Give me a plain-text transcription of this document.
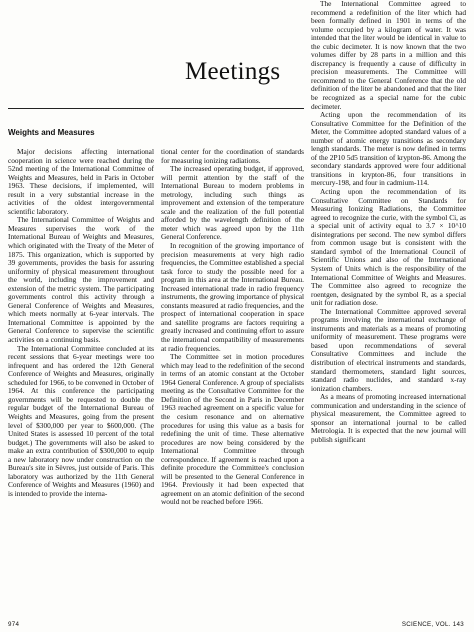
Meetings
Weights and Measures

Major decisions affecting international cooperation in science were reached during the 52nd meeting of the International Committee of Weights and Measures, held in Paris in October 1963. These decisions, if implemented, will result in a very substantial increase in the activities of the oldest intergovernmental scientific laboratory.

The International Committee of Weights and Measures supervises the work of the International Bureau of Weights and Measures, which originated with the Treaty of the Meter of 1875. This organization, which is supported by 39 governments, provides the basis for assuring uniformity of physical measurement throughout the world, including the improvement and extension of the metric system. The participating governments control this activity through a General Conference of Weights and Measures, which meets normally at 6-year intervals. The International Committee is appointed by the General Conference to supervise the scientific activities on a continuing basis.

The International Committee concluded at its recent sessions that 6-year meetings were too infrequent and has ordered the 12th General Conference of Weights and Measures, originally scheduled for 1966, to be convened in October of 1964. At this conference the participating governments will be requested to double the regular budget of the International Bureau of Weights and Measures, going from the present level of $300,000 per year to $600,000. (The United States is assessed 10 percent of the total budget.) The governments will also be asked to make an extra contribution of $300,000 to equip a new laboratory now under construction on the Bureau's site in Sèvres, just outside of Paris. This laboratory was authorized by the 11th General Conference of Weights and Measures (1960) and is intended to provide the interna-

tional center for the coordination of standards for measuring ionizing radiations.

The increased operating budget, if approved, will permit attention by the staff of the International Bureau to modern problems in metrology, including such things as improvement and extension of the temperature scale and the realization of the full potential afforded by the wavelength definition of the meter which was agreed upon by the 11th General Conference.

In recognition of the growing importance of precision measurements at very high radio frequencies, the Committee established a special task force to study the possible need for a program in this area at the International Bureau. Increased international trade in radio frequency instruments, the growing importance of physical constants measured at radio frequencies, and the prospect of international cooperation in space and satellite programs are factors requiring a greatly increased and continuing effort to assure the international compatibility of measurements at radio frequencies.

The Committee set in motion procedures which may lead to the redefinition of the second in terms of an atomic constant at the October 1964 General Conference. A group of specialists meeting as the Consultative Committee for the Definition of the Second in Paris in December 1963 reached agreement on a specific value for the cesium resonance and on alternative procedures for using this value as a basis for redefining the unit of time. These alternative procedures are now being considered by the International Committee through correspondence. If agreement is reached upon a definite procedure the Committee's conclusion will be presented to the General Conference in 1964. Previously it had been expected that agreement on an atomic definition of the second would not be reached before 1966.

The International Committee agreed to recommend a redefinition of the liter which had been formally defined in 1901 in terms of the volume occupied by a kilogram of water. It was intended that the liter would be identical in value to the cubic decimeter. It is now known that the two volumes differ by 28 parts in a million and this discrepancy is frequently a cause of difficulty in precision measurements. The Committee will recommend to the General Conference that the old definition of the liter be abandoned and that the liter be recognized as a special name for the cubic decimeter.

Acting upon the recommendation of its Consultative Committee for the Definition of the Meter, the Committee adopted standard values of a number of atomic energy transitions as secondary length standards. The meter is now defined in terms of the 2P10 5d5 transition of krypton-86. Among the secondary standards approved were four additional transitions in krypton-86, four transitions in mercury-198, and four in cadmium-114.

Acting upon the recommendation of its Consultative Committee on Standards for Measuring Ionizing Radiations, the Committee agreed to recognize the curie, with the symbol Ci, as a special unit of activity equal to 3.7 × 10^10 disintegrations per second. The new symbol differs from common usage but is consistent with the standard symbol of the International Council of Scientific Unions and also of the International System of Units which is the responsibility of the International Committee of Weights and Measures. The Committee also agreed to recognize the roentgen, designated by the symbol R, as a special unit for radiation dose.

The International Committee approved several programs involving the international exchange of instruments and materials as a means of promoting uniformity of measurement. These programs were based upon recommendations of several Consultative Committees and include the distribution of electrical instruments and standards, standard thermometers, standard light sources, standard radio nuclides, and standard x-ray ionization chambers.

As a means of promoting increased international communication and understanding in the science of physical measurement, the Committee agreed to sponsor an international journal to be called Metrologia. It is expected that the new journal will publish significant

974	SCIENCE, VOL. 143
